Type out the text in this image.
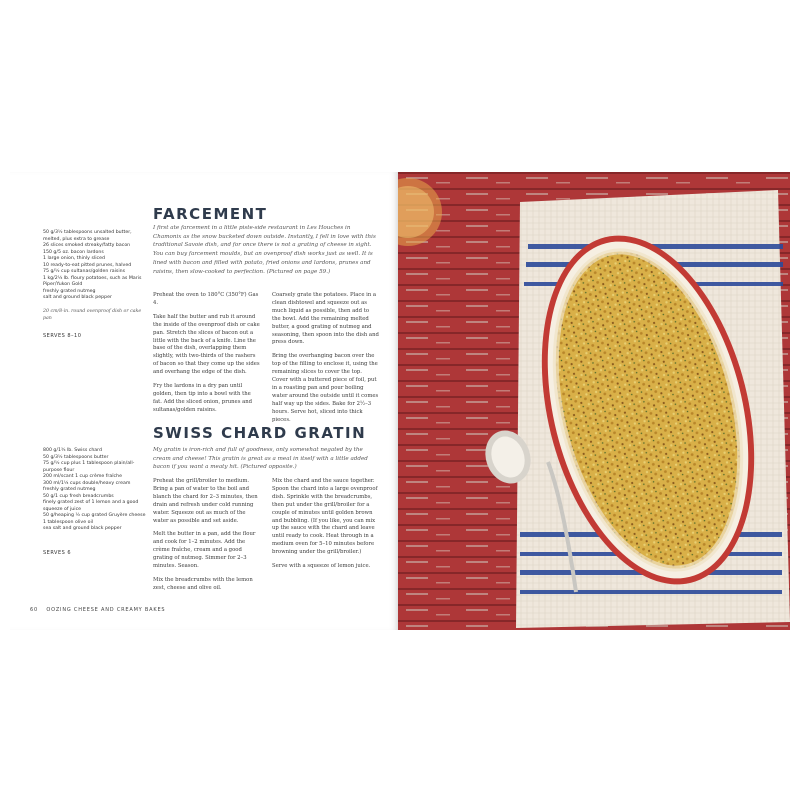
FARCEMENT

I first ate farcement in a little piste-side restaurant in Les Houches in Chamonix as the snow bucketed down outside. Instantly, I fell in love with this traditional Savoie dish, and for once there is not a grating of cheese in sight. You can buy farcement moulds, but an ovenproof dish works just as well. It is lined with bacon and filled with potato, fried onions and lardons, prunes and raisins, then slow-cooked to perfection. (Pictured on page 59.)

50 g/3½ tablespoons unsalted butter, melted, plus extra to grease
26 slices smoked streaky/fatty bacon
150 g/5 oz. bacon lardons
1 large onion, thinly sliced
10 ready-to-eat pitted prunes, halved
75 g/½ cup sultanas/golden raisins
1 kg/2¼ lb. floury potatoes, such as Maris Piper/Yukon Gold
freshly grated nutmeg
salt and ground black pepper

20 cm/8-in. round ovenproof dish or cake pan

SERVES 8–10

Preheat the oven to 180°C (350°F) Gas 4.

Take half the butter and rub it around the inside of the ovenproof dish or cake pan. Stretch the slices of bacon out a little with the back of a knife. Line the base of the dish, overlapping them slightly, with two-thirds of the rashers of bacon so that they come up the sides and overhang the edge of the dish.

Fry the lardons in a dry pan until golden, then tip into a bowl with the fat. Add the sliced onion, prunes and sultanas/golden raisins.

Coarsely grate the potatoes. Place in a clean dishtowel and squeeze out as much liquid as possible, then add to the bowl. Add the remaining melted butter, a good grating of nutmeg and seasoning, then spoon into the dish and press down.

Bring the overhanging bacon over the top of the filling to enclose it, using the remaining slices to cover the top. Cover with a buttered piece of foil, put in a roasting pan and pour boiling water around the outside until it comes half way up the sides. Bake for 2½–3 hours. Serve hot, sliced into thick pieces.

SWISS CHARD GRATIN

My gratin is iron-rich and full of goodness, only somewhat negated by the cream and cheese! This gratin is great as a meal in itself with a little added bacon if you want a meaty hit. (Pictured opposite.)

800 g/1¾ lb. Swiss chard
50 g/3½ tablespoons butter
75 g/½ cup plus 1 tablespoon plain/all-purpose flour
200 ml/scant 1 cup crème fraîche
300 ml/1¼ cups double/heavy cream
freshly grated nutmeg
50 g/1 cup fresh breadcrumbs
finely grated zest of 1 lemon and a good squeeze of juice
50 g/heaping ½ cup grated Gruyère cheese
1 tablespoon olive oil
sea salt and ground black pepper

SERVES 6

Preheat the grill/broiler to medium. Bring a pan of water to the boil and blanch the chard for 2–3 minutes, then drain and refresh under cold running water. Squeeze out as much of the water as possible and set aside.

Melt the butter in a pan, add the flour and cook for 1–2 minutes. Add the crème fraîche, cream and a good grating of nutmeg. Simmer for 2–3 minutes. Season.

Mix the breadcrumbs with the lemon zest, cheese and olive oil.

Mix the chard and the sauce together. Spoon the chard into a large ovenproof dish. Sprinkle with the breadcrumbs, then put under the grill/broiler for a couple of minutes until golden brown and bubbling. (If you like, you can mix up the sauce with the chard and leave until ready to cook. Heat through in a medium oven for 5–10 minutes before browning under the grill/broiler.)

Serve with a squeeze of lemon juice.

60 OOZING CHEESE AND CREAMY BAKES
